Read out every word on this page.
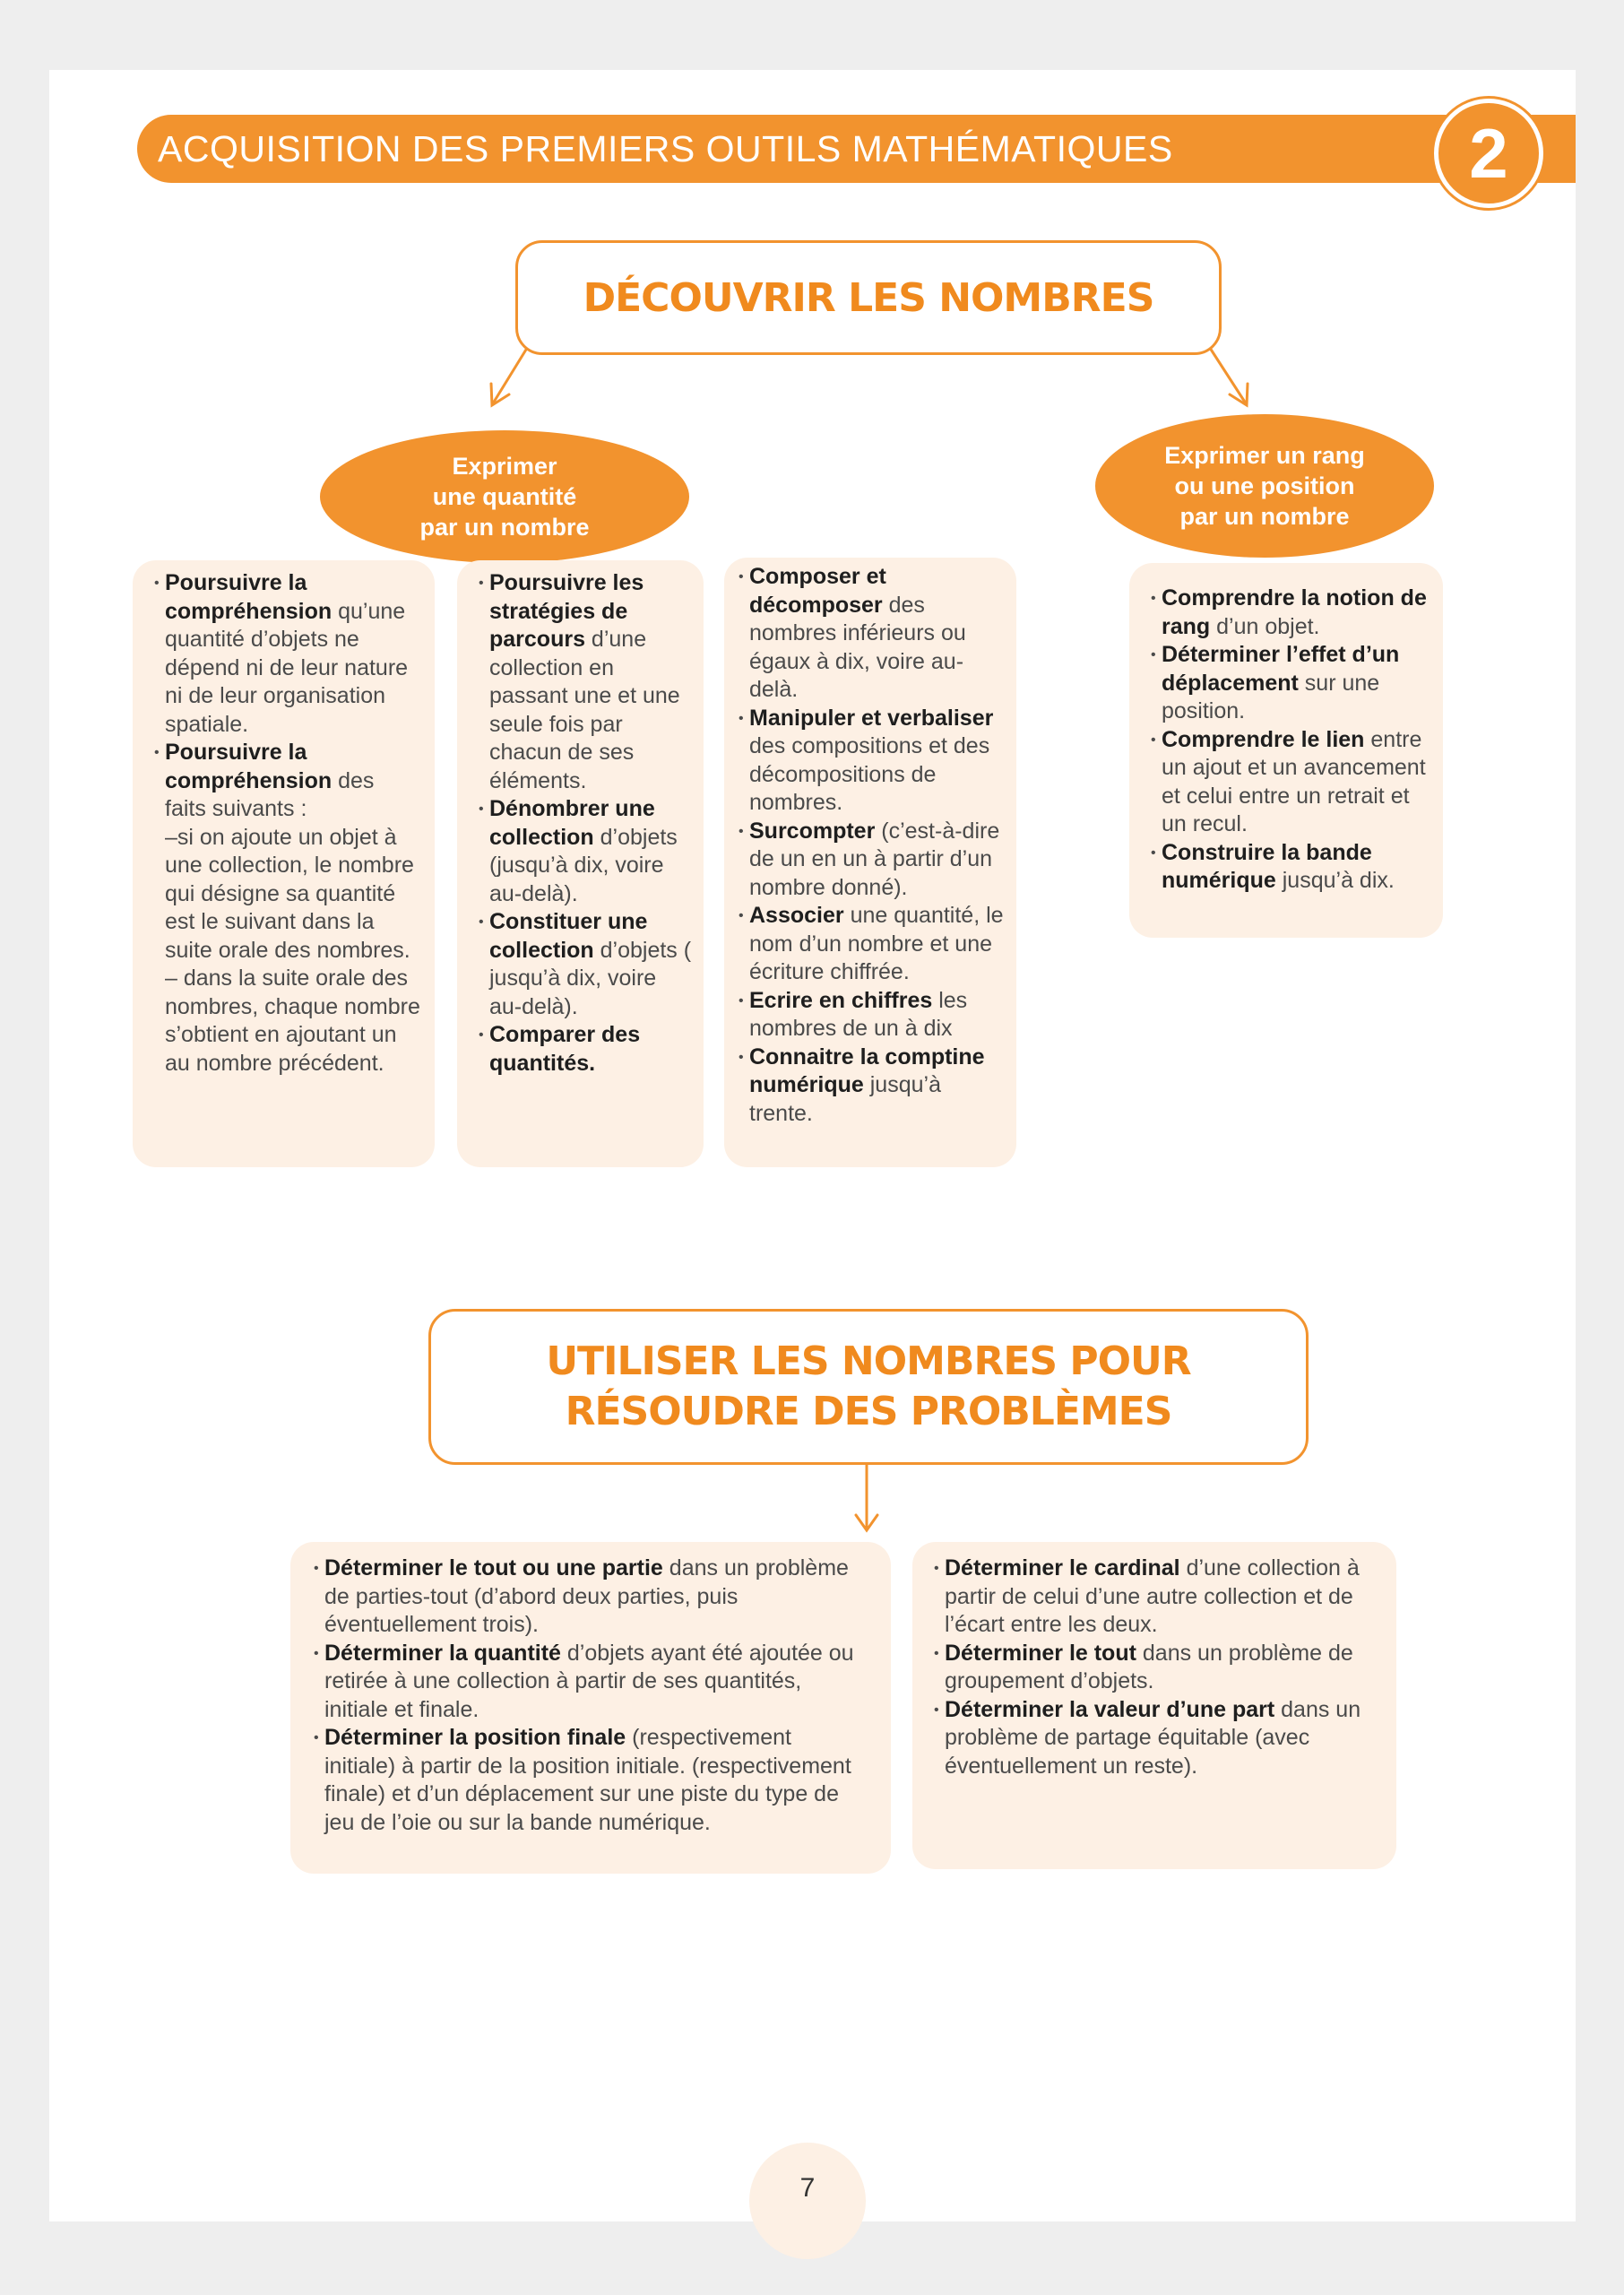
ACQUISITION DES PREMIERS OUTILS MATHÉMATIQUES	2
DÉCOUVRIR LES NOMBRES
Exprimer
une quantité
par un nombre
Exprimer un rang
ou une position
par un nombre
• Poursuivre la compréhension qu’une quantité d’objets ne dépend ni de leur nature ni de leur organisation spatiale.
• Poursuivre la compréhension des faits suivants :
–si on ajoute un objet à une collection, le nombre qui désigne sa quantité est le suivant dans la suite orale des nombres.
– dans la suite orale des nombres, chaque nombre s’obtient en ajoutant un au nombre précédent.
• Poursuivre les stratégies de parcours d’une collection en passant une et une seule fois par chacun de ses éléments.
• Dénombrer une collection d’objets (jusqu’à dix, voire au-delà).
• Constituer une collection d’objets ( jusqu’à dix, voire au-delà).
• Comparer des quantités.
• Composer et décomposer des nombres inférieurs ou égaux à dix, voire au-delà.
• Manipuler et verbaliser des compositions et des décompositions de nombres.
• Surcompter (c’est-à-dire de un en un à partir d’un nombre donné).
• Associer une quantité, le nom d’un nombre et une écriture chiffrée.
• Ecrire en chiffres les nombres de un à dix
• Connaitre la comptine numérique jusqu’à trente.
• Comprendre la notion de rang d’un objet.
• Déterminer l’effet d’un déplacement sur une position.
• Comprendre le lien entre un ajout et un avancement et celui entre un retrait et un recul.
• Construire la bande numérique jusqu’à dix.
UTILISER LES NOMBRES POUR
RÉSOUDRE DES PROBLÈMES
• Déterminer le tout ou une partie dans un problème de parties-tout (d’abord deux parties, puis éventuellement trois).
• Déterminer la quantité d’objets ayant été ajoutée ou retirée à une collection à partir de ses quantités, initiale et finale.
• Déterminer la position finale (respectivement initiale) à partir de la position initiale. (respectivement finale) et d’un déplacement sur une piste du type de jeu de l’oie ou sur la bande numérique.
• Déterminer le cardinal d’une collection à partir de celui d’une autre collection et de l’écart entre les deux.
• Déterminer le tout dans un problème de groupement d’objets.
• Déterminer la valeur d’une part dans un problème de partage équitable (avec éventuellement un reste).
7
